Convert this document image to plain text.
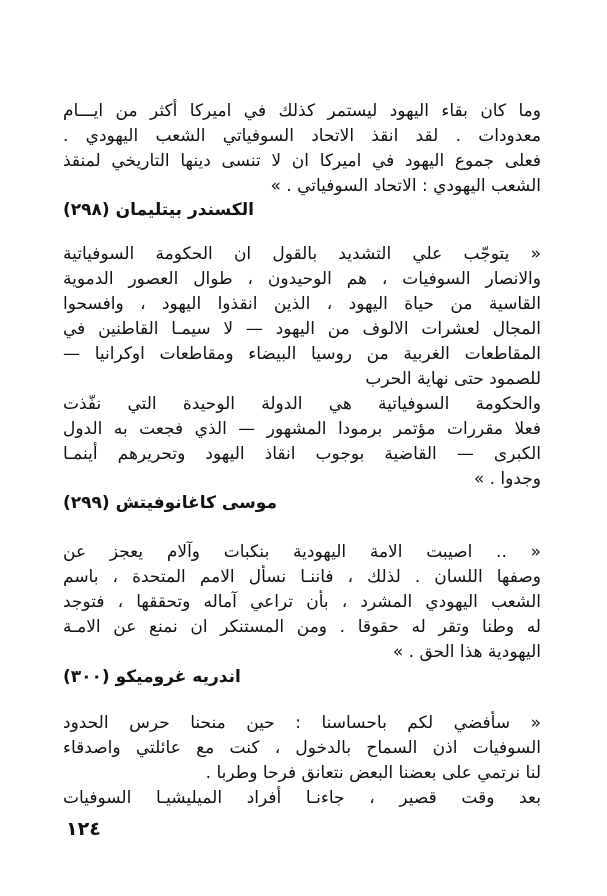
وما كان بقاء اليهود ليستمر كذلك في اميركا أكثر من ايـــام
معدودات . لقد انقذ الاتحاد السوفياتي الشعب اليهودي .
فعلى جموع اليهود في اميركا ان لا تنسى دينها التاريخي لمنقذ
الشعب اليهودي : الاتحاد السوفياتي . »
الكسندر بيتليمان (٢٩٨)
« يتوجّب علي التشديد بالقول ان الحكومة السوفياتية
والانصار السوفيات ، هم الوحيدون ، طوال العصور الدموية
القاسية من حياة اليهود ، الذين انقذوا اليهود ، وافسحوا
المجال لعشرات الالوف من اليهود — لا سيمـا القاطنين في
المقاطعات الغربية من روسيا البيضاء ومقاطعات اوكرانيا —
للصمود حتى نهاية الحرب
والحكومة السوفياتية هي الدولة الوحيدة التي نفّذت
فعلا مقررات مؤتمر برمودا المشهور — الذي فجعت به الدول
الكبرى — القاضية بوجوب انقاذ اليهود وتحريرهم أينمـا
وجدوا . »
موسى كاغانوفيتش (٢٩٩)
« .. اصيبت الامة اليهودية بنكبات وآلام يعجز عن
وصفها اللسان . لذلك ، فاننـا نسأل الامم المتحدة ، باسم
الشعب اليهودي المشرد ، بأن تراعي آماله وتحققها ، فتوجد
له وطنا وتقر له حقوقا . ومن المستنكر ان نمنع عن الامـة
اليهودية هذا الحق . »
اندريه غروميكو (٣٠٠)
« سأفضي لكم باحساسنا : حين منحنا حرس الحدود
السوفيات اذن السماح بالدخول ، كنت مع عائلتي واصدقاء
لنا نرتمي على بعضنا البعض نتعانق فرحا وطربا .
بعد وقت قصير ، جاءنـا أفراد الميليشيـا السوفيات
١٢٤
